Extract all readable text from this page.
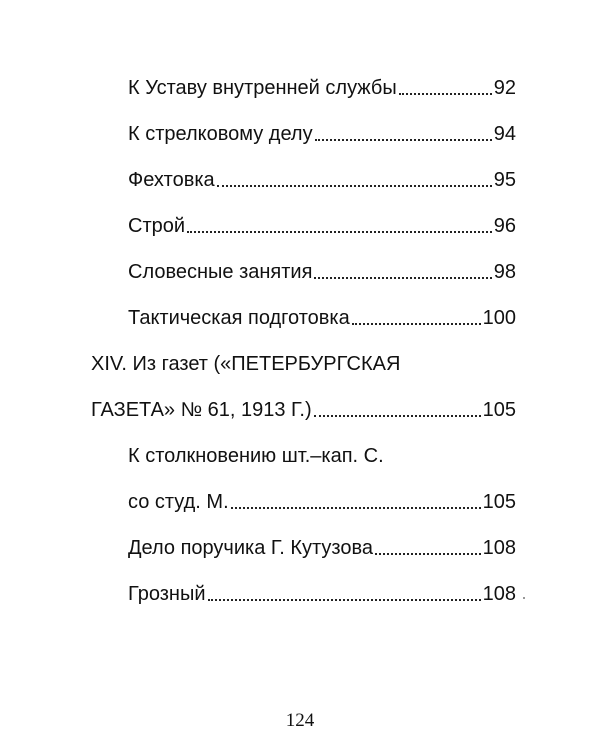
К Уставу внутренней службы	92
К стрелковому делу	94
Фехтовка	95
Строй	96
Словесные занятия	98
Тактическая подготовка	100
XIV. Из газет («ПЕТЕРБУРГСКАЯ
ГАЗЕТА» № 61, 1913 Г.)	105
К столкновению шт.–кап. С.
со студ. М.	105
Дело поручика Г. Кутузова	108
Грозный	108
124
